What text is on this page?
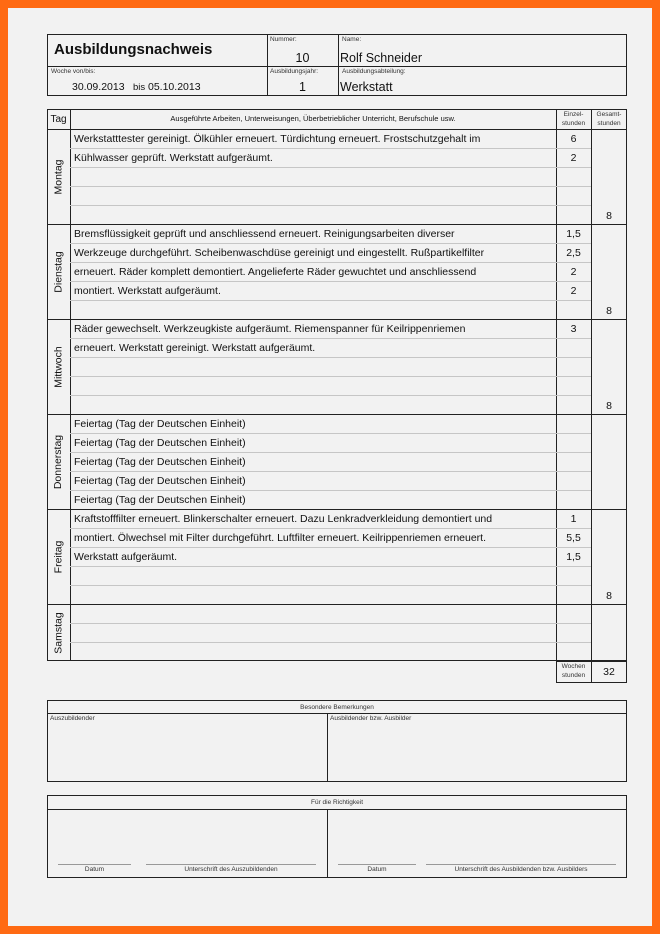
Ausbildungsnachweis
Nummer:
10
Name:
Rolf Schneider
Woche von/bis:
30.09.2013 bis 05.10.2013
Ausbildungsjahr:
1
Ausbildungsabteilung:
Werkstatt
Tag	Ausgeführte Arbeiten, Unterweisungen, Überbetrieblicher Unterricht, Berufschule usw.	Einzel-
stunden
Gesamt-
stunden
Montag
Werkstatttester gereinigt. Ölkühler erneuert. Türdichtung erneuert. Frostschutzgehalt im	6
Kühlwasser geprüft. Werkstatt aufgeräumt.	2
8
Dienstag
Bremsflüssigkeit geprüft und anschliessend erneuert. Reinigungsarbeiten diverser	1,5
Werkzeuge durchgeführt. Scheibenwaschdüse gereinigt und eingestellt. Rußpartikelfilter	2,5
erneuert. Räder komplett demontiert. Angelieferte Räder gewuchtet und anschliessend	2
montiert. Werkstatt aufgeräumt.	2
8
Mittwoch
Räder gewechselt. Werkzeugkiste aufgeräumt. Riemenspanner für Keilrippenriemen	3
erneuert. Werkstatt gereinigt. Werkstatt aufgeräumt.
8
Donnerstag
Feiertag (Tag der Deutschen Einheit)
Feiertag (Tag der Deutschen Einheit)
Feiertag (Tag der Deutschen Einheit)
Feiertag (Tag der Deutschen Einheit)
Feiertag (Tag der Deutschen Einheit)
Freitag
Kraftstofffilter erneuert. Blinkerschalter erneuert. Dazu Lenkradverkleidung demontiert und	1
montiert. Ölwechsel mit Filter durchgeführt. Luftfilter erneuert. Keilrippenriemen erneuert.	5,5
Werkstatt aufgeräumt.	1,5
8
Samstag
Wochen
stunden	32
Besondere Bemerkungen
Auszubildender	Ausbildender bzw. Ausbilder
Für die Richtigkeit
Datum	Unterschrift des Auszubildenden	Datum	Unterschrift des Ausbildenden bzw. Ausbilders
